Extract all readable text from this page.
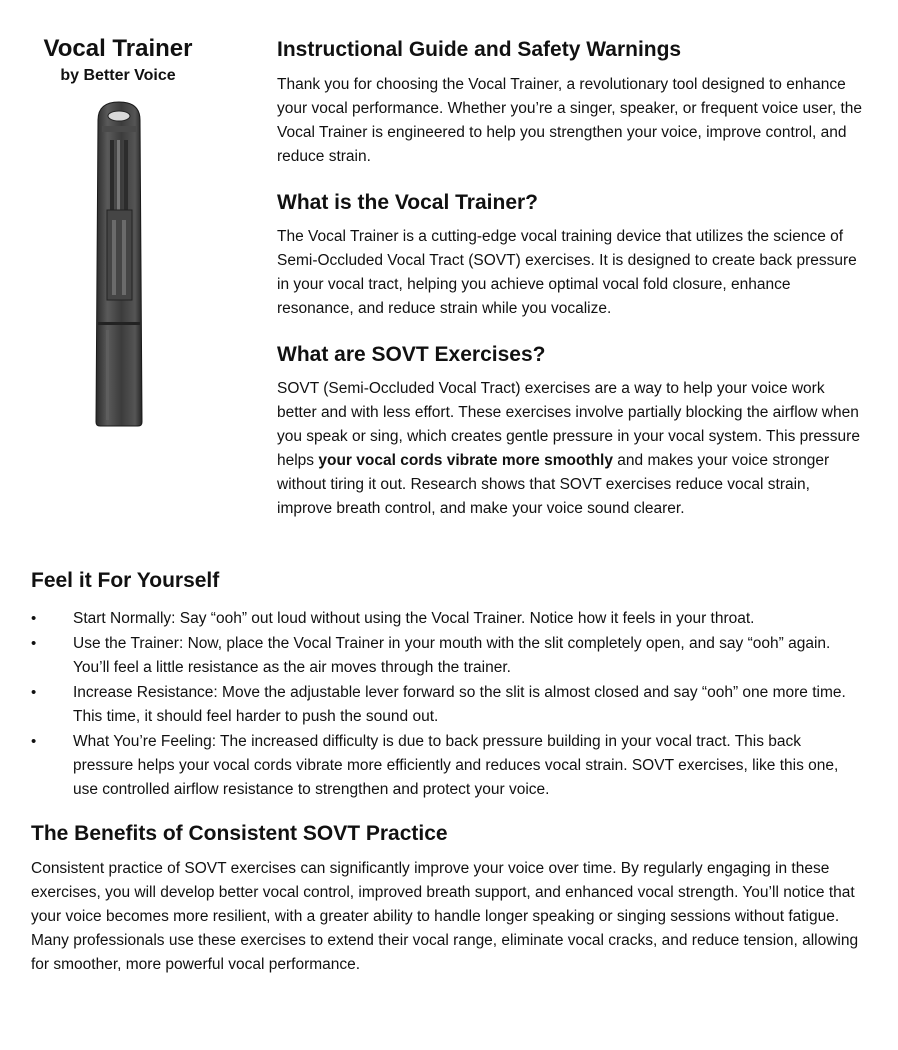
Vocal Trainer
by Better Voice
Instructional Guide and Safety Warnings

Thank you for choosing the Vocal Trainer, a revolutionary tool designed to enhance your vocal performance. Whether you’re a singer, speaker, or frequent voice user, the Vocal Trainer is engineered to help you strengthen your voice, improve control, and reduce strain.

What is the Vocal Trainer?

The Vocal Trainer is a cutting-edge vocal training device that utilizes the science of Semi-Occluded Vocal Tract (SOVT) exercises. It is designed to create back pressure in your vocal tract, helping you achieve optimal vocal fold closure, enhance resonance, and reduce strain while you vocalize.

What are SOVT Exercises?

SOVT (Semi-Occluded Vocal Tract) exercises are a way to help your voice work better and with less effort. These exercises involve partially blocking the airflow when you speak or sing, which creates gentle pressure in your vocal system. This pressure helps your vocal cords vibrate more smoothly and makes your voice stronger without tiring it out. Research shows that SOVT exercises reduce vocal strain, improve breath control, and make your voice sound clearer.

Feel it For Yourself
• Start Normally: Say “ooh” out loud without using the Vocal Trainer. Notice how it feels in your throat.
• Use the Trainer: Now, place the Vocal Trainer in your mouth with the slit completely open, and say “ooh” again. You’ll feel a little resistance as the air moves through the trainer.
• Increase Resistance: Move the adjustable lever forward so the slit is almost closed and say “ooh” one more time. This time, it should feel harder to push the sound out.
• What You’re Feeling: The increased difficulty is due to back pressure building in your vocal tract. This back pressure helps your vocal cords vibrate more efficiently and reduces vocal strain. SOVT exercises, like this one, use controlled airflow resistance to strengthen and protect your voice.
The Benefits of Consistent SOVT Practice

Consistent practice of SOVT exercises can significantly improve your voice over time. By regularly engaging in these exercises, you will develop better vocal control, improved breath support, and enhanced vocal strength. You’ll notice that your voice becomes more resilient, with a greater ability to handle longer speaking or singing sessions without fatigue. Many professionals use these exercises to extend their vocal range, eliminate vocal cracks, and reduce tension, allowing for smoother, more powerful vocal performance.
